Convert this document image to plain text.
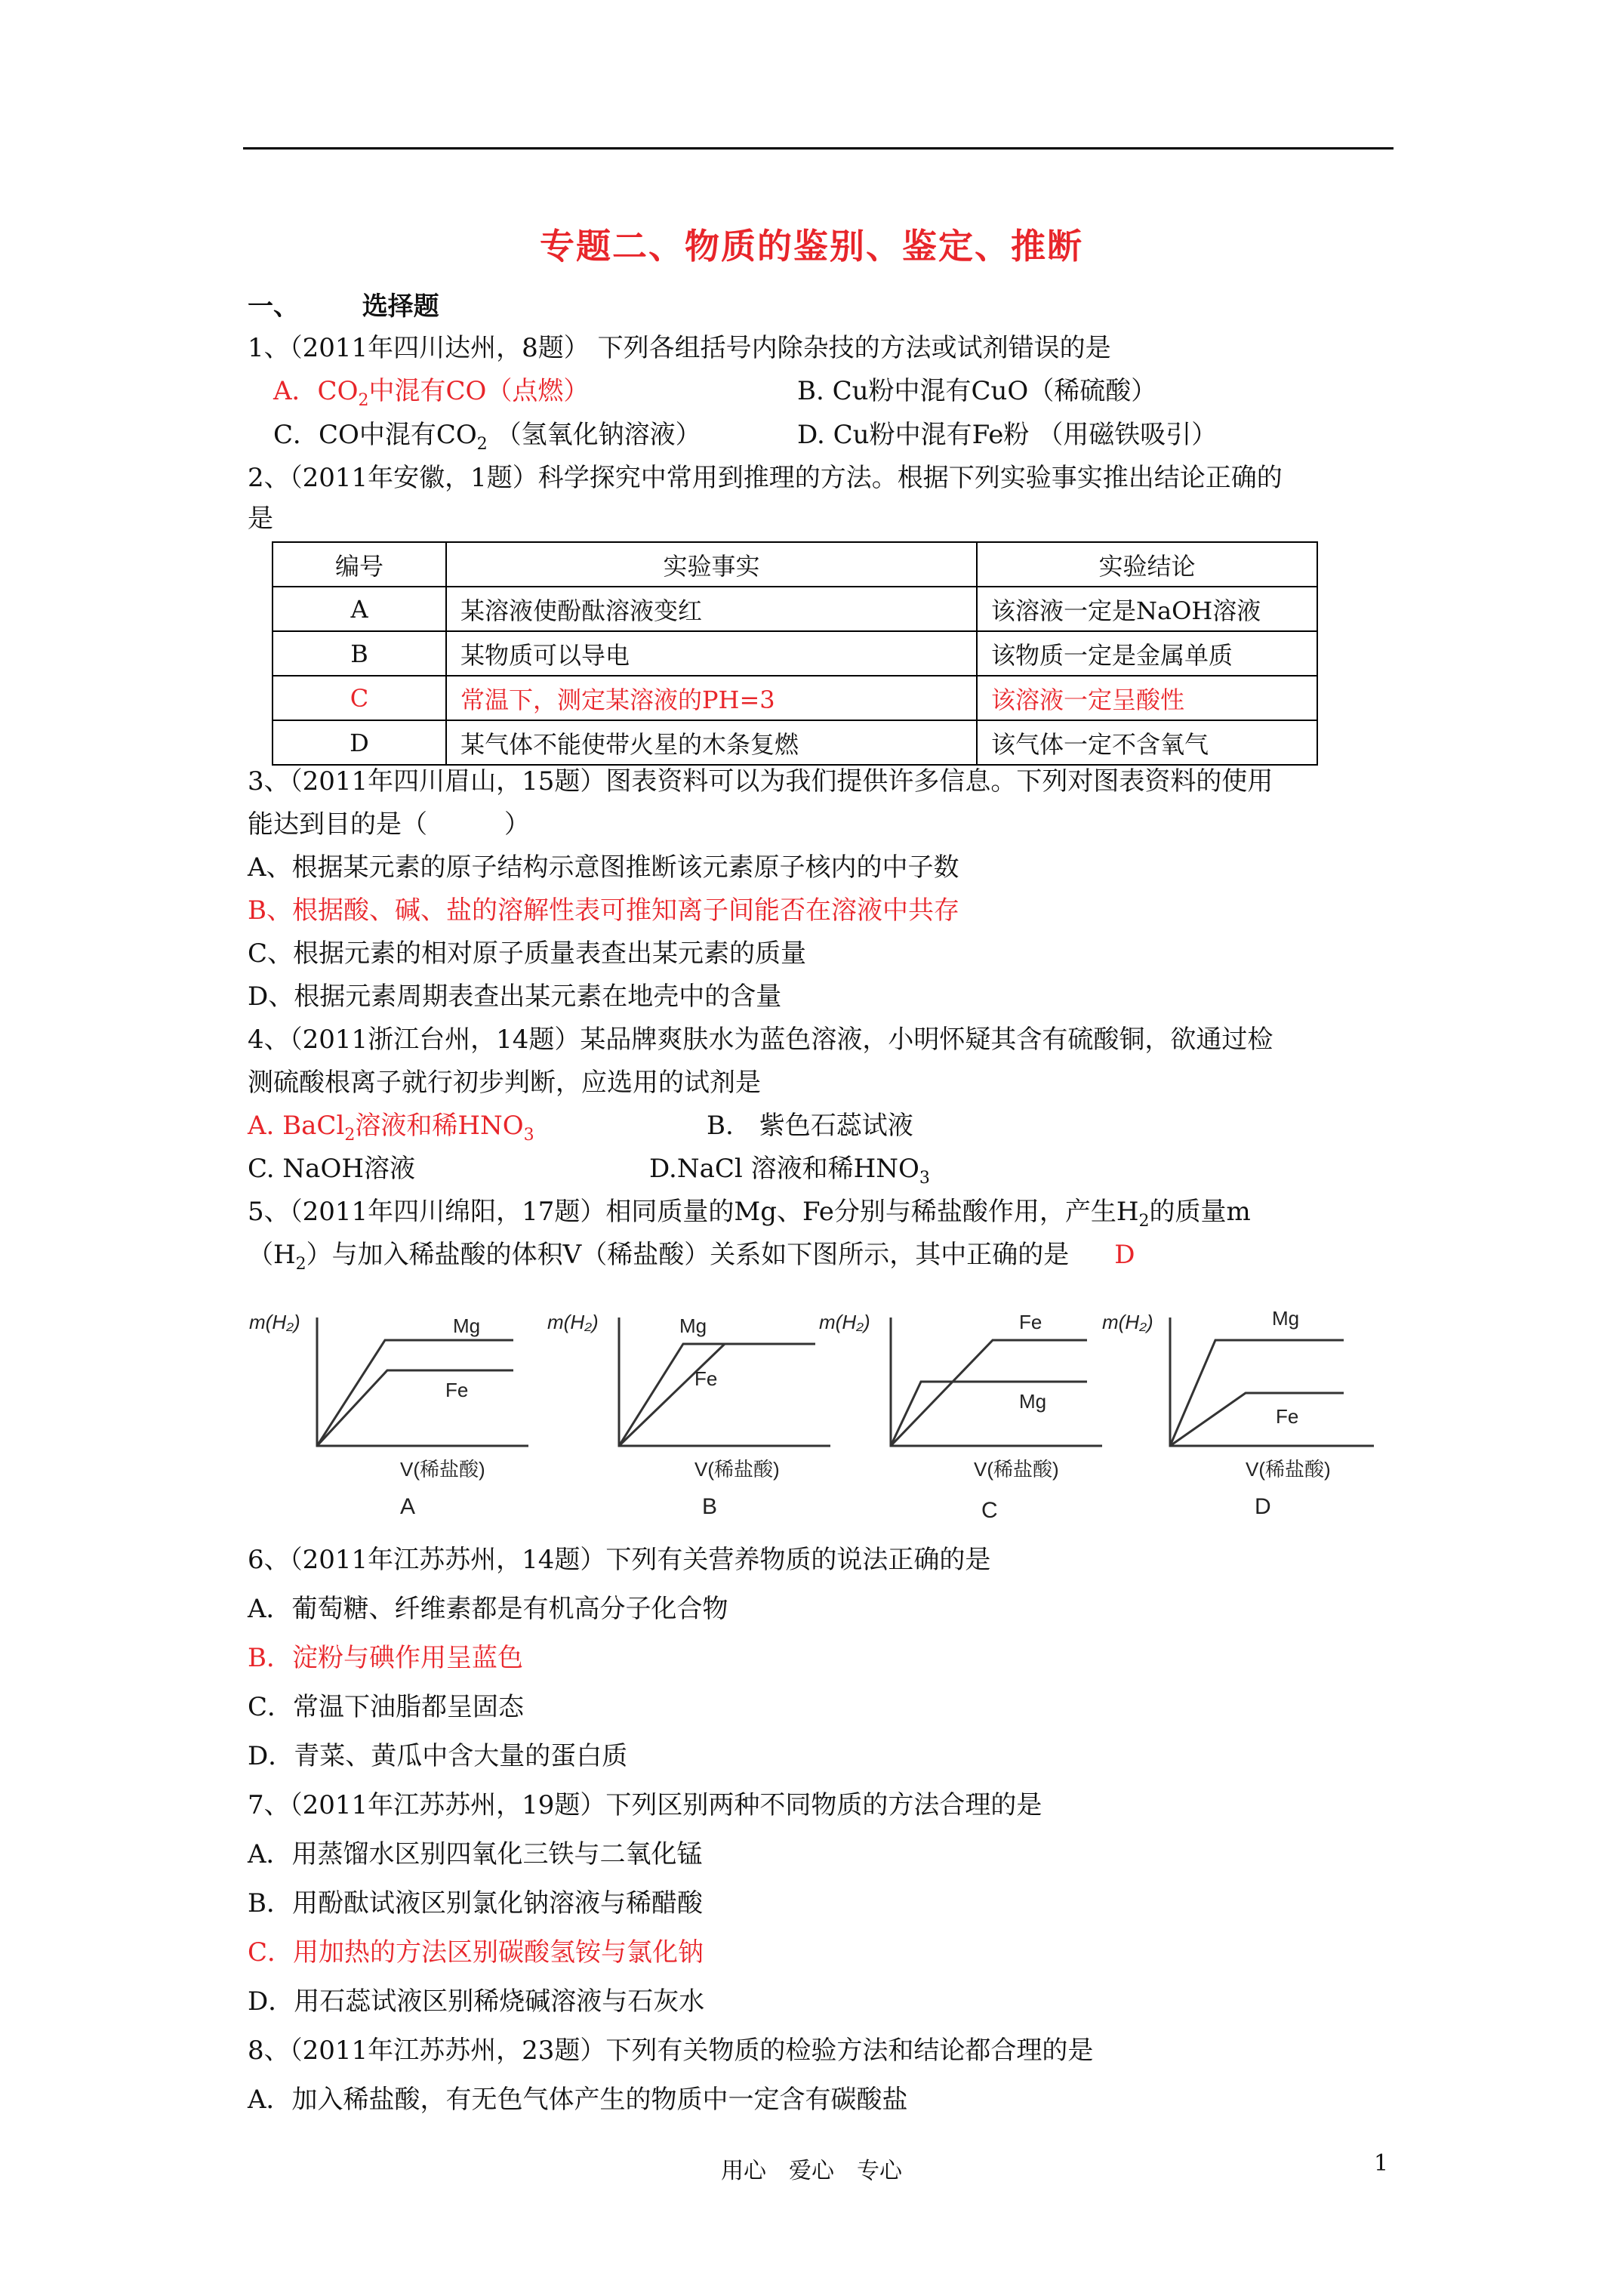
专题二、物质的鉴别、鉴定、推断
一、 选择题
1、（2011年四川达州，8题） 下列各组括号内除杂技的方法或试剂错误的是
A．$CO_2$中混有CO（点燃）	B. Cu粉中混有CuO（稀硫酸）
C．CO中混有$CO_2$ （氢氧化钠溶液）	D. Cu粉中混有Fe粉 （用磁铁吸引）
2、（2011年安徽，1题）科学探究中常用到推理的方法。根据下列实验事实推出结论正确的
是
编号	实验事实	实验结论
A	某溶液使酚酞溶液变红	该溶液一定是NaOH溶液
B	某物质可以导电	该物质一定是金属单质
C	常温下，测定某溶液的PH=3	该溶液一定呈酸性
D	某气体不能使带火星的木条复燃	该气体一定不含氧气
3、（2011年四川眉山，15题）图表资料可以为我们提供许多信息。下列对图表资料的使用
能达到目的是（　　　）
A、根据某元素的原子结构示意图推断该元素原子核内的中子数
B、根据酸、碱、盐的溶解性表可推知离子间能否在溶液中共存
C、根据元素的相对原子质量表查出某元素的质量
D、根据元素周期表查出某元素在地壳中的含量
4、（2011浙江台州，14题）某品牌爽肤水为蓝色溶液，小明怀疑其含有硫酸铜，欲通过检
测硫酸根离子就行初步判断，应选用的试剂是
A. BaCl$_2$溶液和稀$HNO_3$	B.　紫色石蕊试液
C. NaOH溶液	D.NaCl 溶液和稀$HNO_3$
5、（2011年四川绵阳，17题）相同质量的Mg、Fe分别与稀盐酸作用，产生$H_2$的质量m
$(H_2)$与加入稀盐酸的体积V（稀盐酸）关系如下图所示，其中正确的是 D
m(H₂)	Mg
Fe
V(稀盐酸)
A
m(H₂)	Mg
Fe
V(稀盐酸)
B
m(H₂)	Fe
Mg
V(稀盐酸)
C
m(H₂)	Mg
Fe
V(稀盐酸)
D
6、（2011年江苏苏州，14题）下列有关营养物质的说法正确的是
A．葡萄糖、纤维素都是有机高分子化合物
B．淀粉与碘作用呈蓝色
C．常温下油脂都呈固态
D．青菜、黄瓜中含大量的蛋白质
7、（2011年江苏苏州，19题）下列区别两种不同物质的方法合理的是
A．用蒸馏水区别四氧化三铁与二氧化锰
B．用酚酞试液区别氯化钠溶液与稀醋酸
C．用加热的方法区别碳酸氢铵与氯化钠
D．用石蕊试液区别稀烧碱溶液与石灰水
8、（2011年江苏苏州，23题）下列有关物质的检验方法和结论都合理的是
A．加入稀盐酸，有无色气体产生的物质中一定含有碳酸盐
用心　爱心　专心	1
